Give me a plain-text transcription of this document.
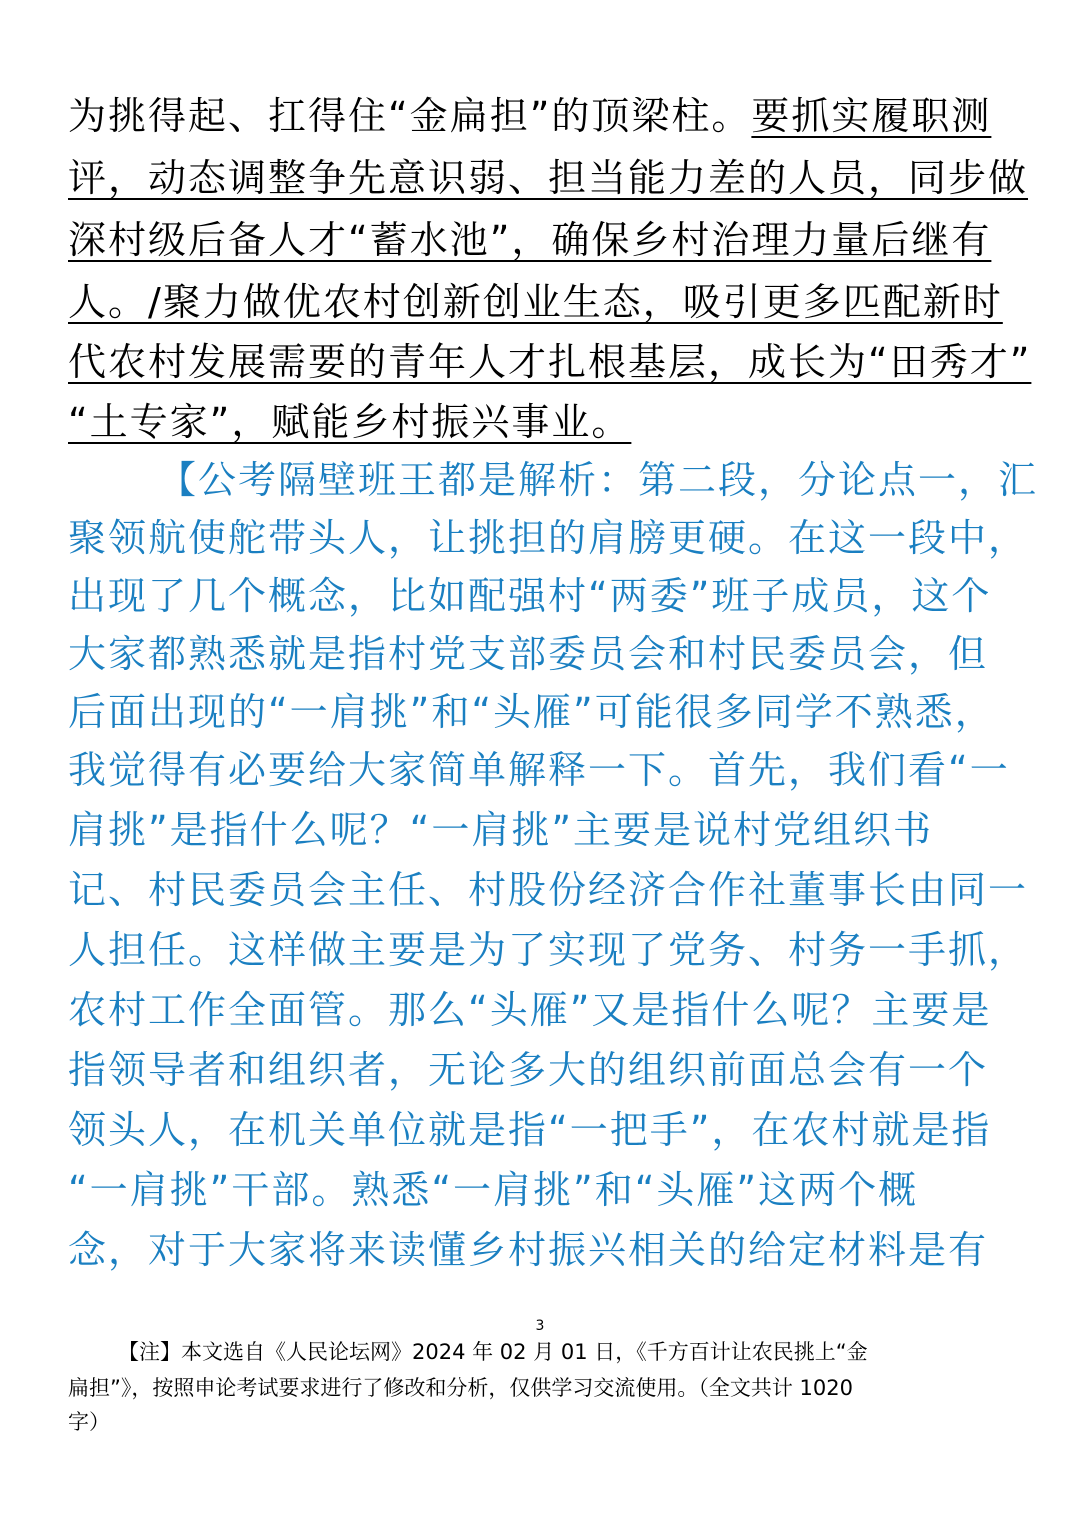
为挑得起、扛得住“金扁担”的顶梁柱。要抓实履职测
评，动态调整争先意识弱、担当能力差的人员，同步做
深村级后备人才“蓄水池”，确保乡村治理力量后继有
人。/聚力做优农村创新创业生态，吸引更多匹配新时
代农村发展需要的青年人才扎根基层，成长为“田秀才”
“土专家”，赋能乡村振兴事业。
【公考隔壁班王都是解析：第二段，分论点一，汇
聚领航使舵带头人，让挑担的肩膀更硬。在这一段中，
出现了几个概念，比如配强村“两委”班子成员，这个
大家都熟悉就是指村党支部委员会和村民委员会，但
后面出现的“一肩挑”和“头雁”可能很多同学不熟悉，
我觉得有必要给大家简单解释一下。首先，我们看“一
肩挑”是指什么呢？“一肩挑”主要是说村党组织书
记、村民委员会主任、村股份经济合作社董事长由同一
人担任。这样做主要是为了实现了党务、村务一手抓，
农村工作全面管。那么“头雁”又是指什么呢？主要是
指领导者和组织者，无论多大的组织前面总会有一个
领头人，在机关单位就是指“一把手”，在农村就是指
“一肩挑”干部。熟悉“一肩挑”和“头雁”这两个概
念，对于大家将来读懂乡村振兴相关的给定材料是有
3
【注】本文选自《人民论坛网》2024 年 02 月 01 日，《千方百计让农民挑上“金
扁担”》，按照申论考试要求进行了修改和分析，仅供学习交流使用。（全文共计 1020
字）
